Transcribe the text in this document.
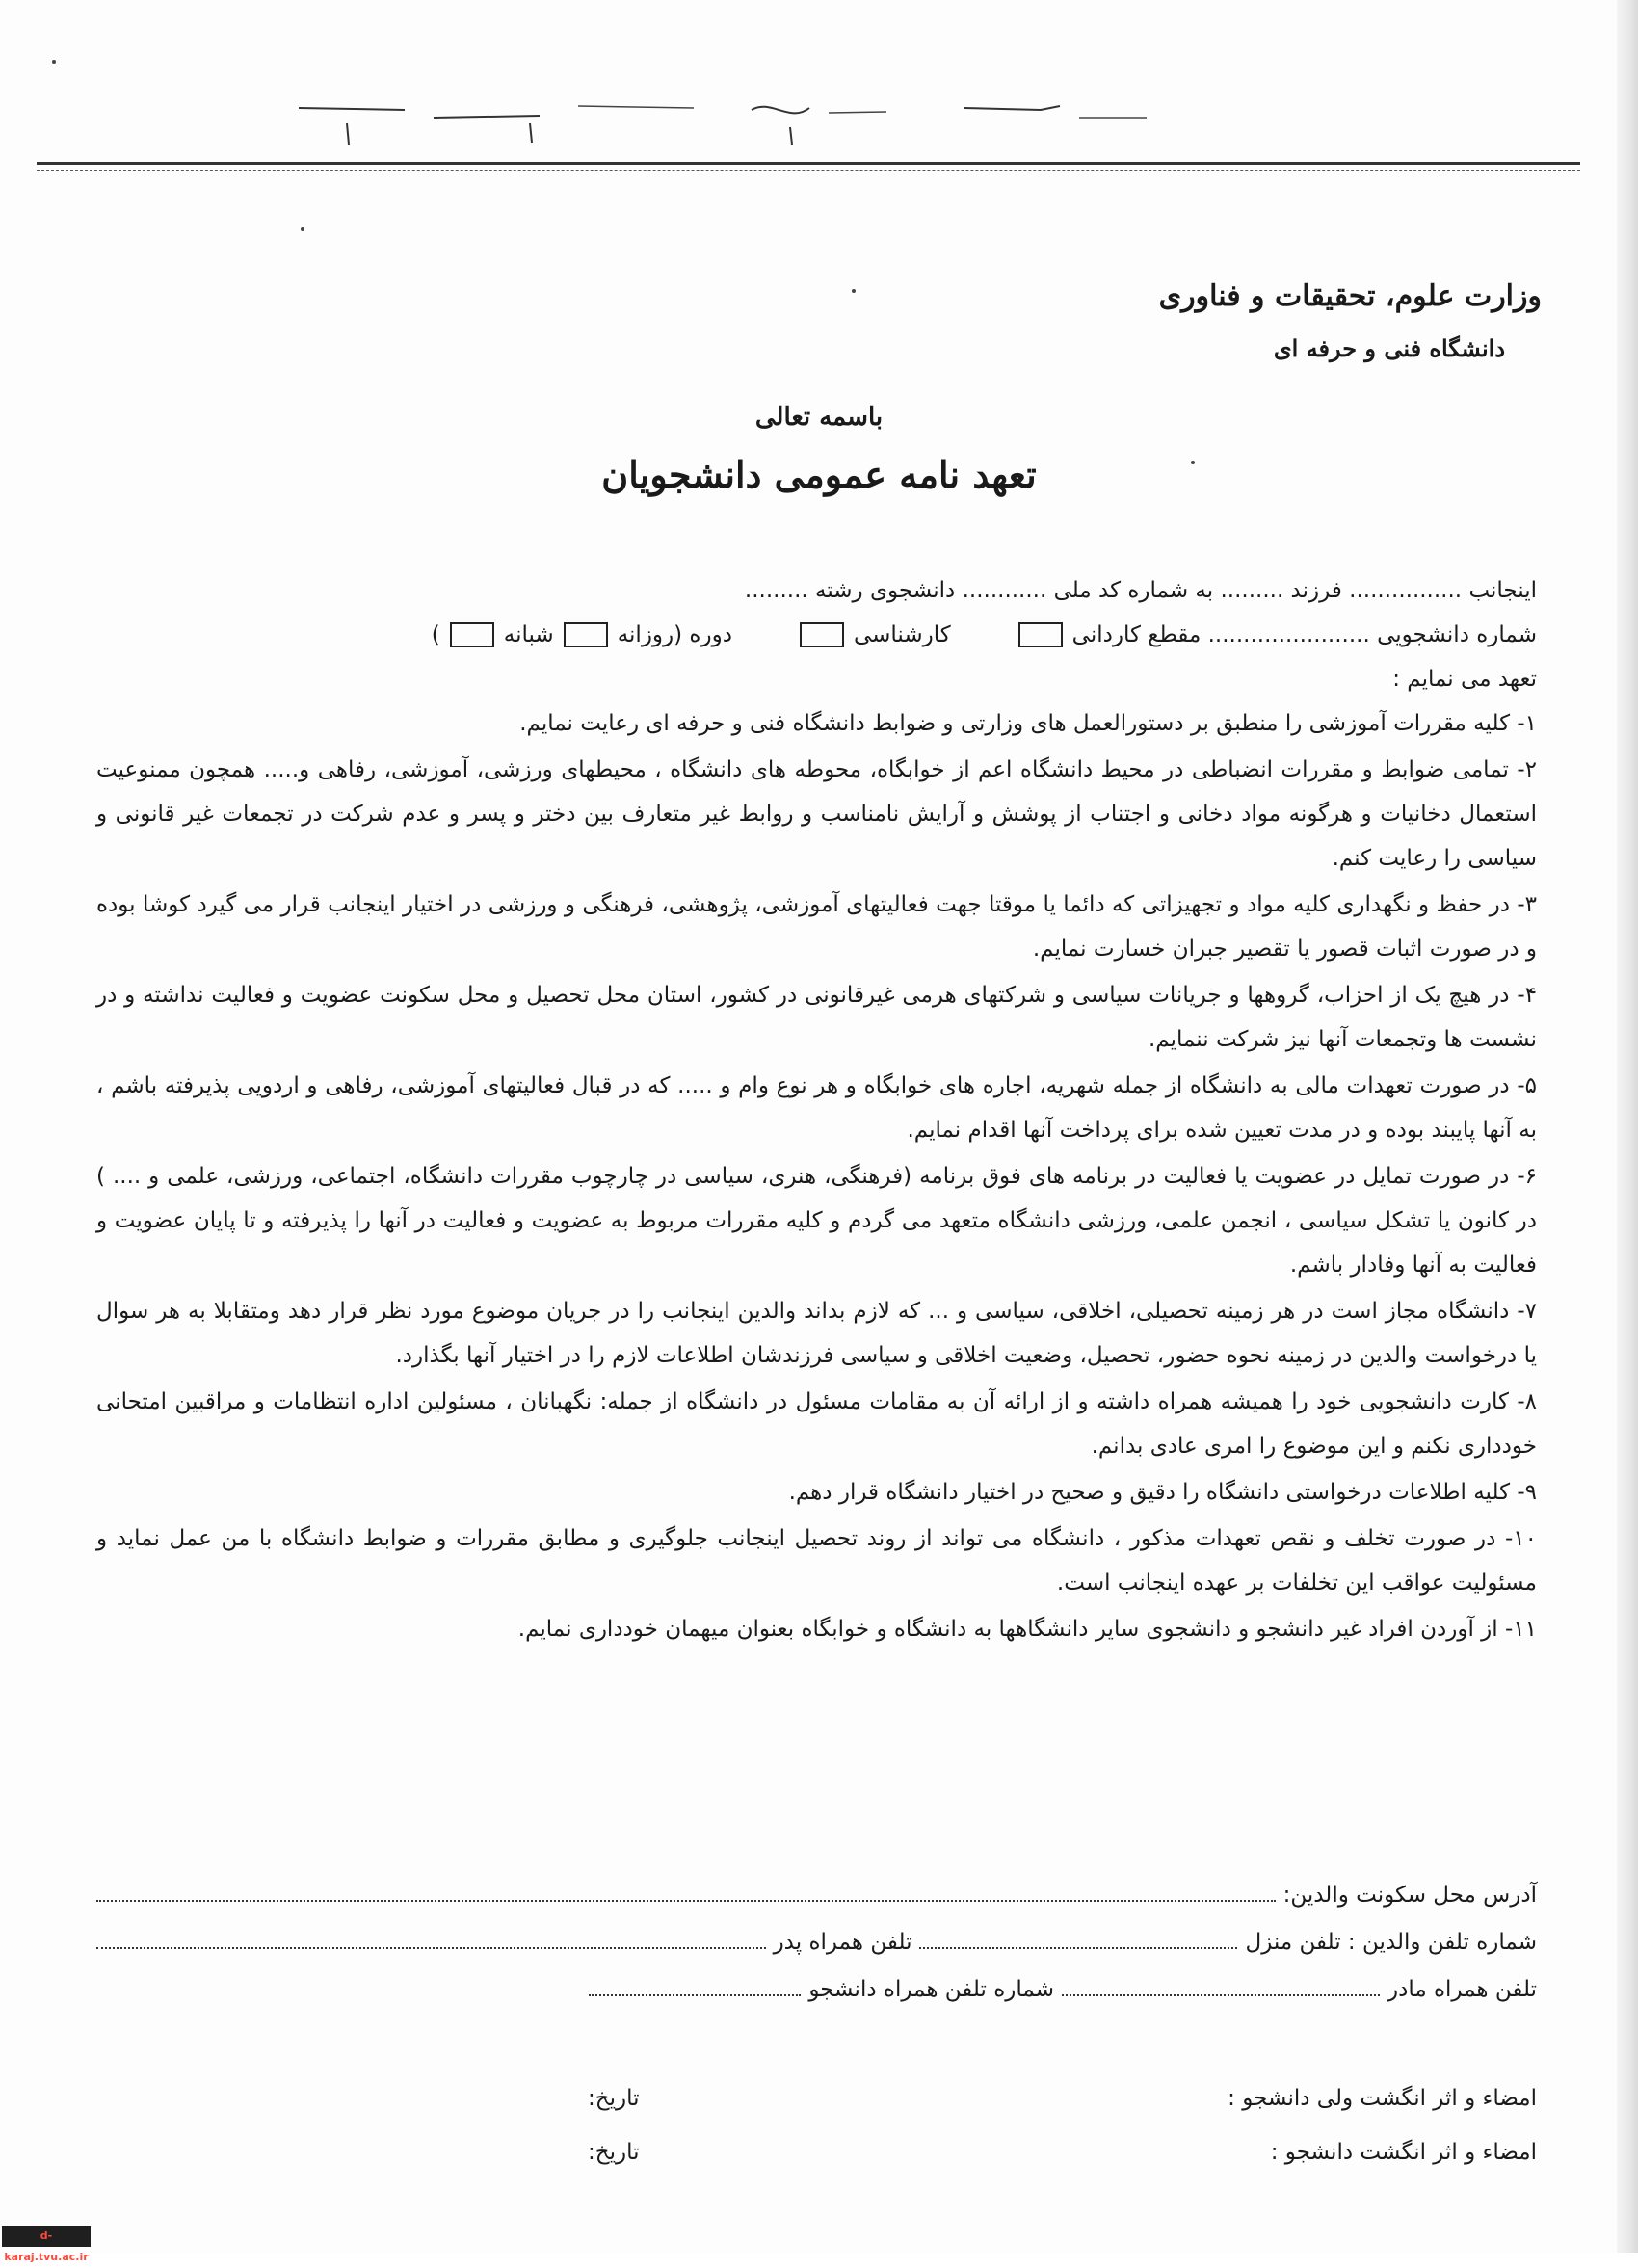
وزارت علوم، تحقیقات و فناوری

دانشگاه فنی و حرفه ای

باسمه تعالی
تعهد نامه عمومی دانشجویان

اینجانب ................ فرزند ......... به شماره کد ملی ............ دانشجوی رشته .........

شماره دانشجویی ....................... مقطع کاردانی
کارشناسی
دوره (روزانه
شبانه
)

تعهد می نمایم :

۱- کلیه مقررات آموزشی را منطبق بر دستورالعمل های وزارتی و ضوابط دانشگاه فنی و حرفه ای رعایت نمایم.

۲- تمامی ضوابط و مقررات انضباطی در محیط دانشگاه اعم از خوابگاه، محوطه های دانشگاه ، محیطهای ورزشی، آموزشی، رفاهی و..... همچون ممنوعیت استعمال دخانیات و هرگونه مواد دخانی و اجتناب از پوشش و آرایش نامناسب و روابط غیر متعارف بین دختر و پسر و عدم شرکت در تجمعات غیر قانونی و سیاسی را رعایت کنم.

۳- در حفظ و نگهداری کلیه مواد و تجهیزاتی که دائما یا موقتا جهت فعالیتهای آموزشی، پژوهشی، فرهنگی و ورزشی در اختیار اینجانب قرار می گیرد کوشا بوده و در صورت اثبات قصور یا تقصیر جبران خسارت نمایم.

۴- در هیچ یک از احزاب، گروهها و جریانات سیاسی و شرکتهای هرمی غیرقانونی در کشور، استان محل تحصیل و محل سکونت عضویت و فعالیت نداشته و در نشست ها وتجمعات آنها نیز شرکت ننمایم.

۵- در صورت تعهدات مالی به دانشگاه از جمله شهریه، اجاره های خوابگاه و هر نوع وام و ..... که در قبال فعالیتهای آموزشی، رفاهی و اردویی پذیرفته باشم ، به آنها پایبند بوده و در مدت تعیین شده برای پرداخت آنها اقدام نمایم.

۶- در صورت تمایل در عضویت یا فعالیت در برنامه های فوق برنامه (فرهنگی، هنری، سیاسی در چارچوب مقررات دانشگاه، اجتماعی، ورزشی، علمی و .... ) در کانون یا تشکل سیاسی ، انجمن علمی، ورزشی دانشگاه متعهد می گردم و کلیه مقررات مربوط به عضویت و فعالیت در آنها را پذیرفته و تا پایان عضویت و فعالیت به آنها وفادار باشم.

۷- دانشگاه مجاز است در هر زمینه تحصیلی، اخلاقی، سیاسی و ... که لازم بداند والدین اینجانب را در جریان موضوع مورد نظر قرار دهد ومتقابلا به هر سوال یا درخواست والدین در زمینه نحوه حضور، تحصیل، وضعیت اخلاقی و سیاسی فرزندشان اطلاعات لازم را در اختیار آنها بگذارد.

۸- کارت دانشجویی خود را همیشه همراه داشته و از ارائه آن به مقامات مسئول در دانشگاه از جمله: نگهبانان ، مسئولین اداره انتظامات و مراقبین امتحانی خودداری نکنم و این موضوع را امری عادی بدانم.

۹- کلیه اطلاعات درخواستی دانشگاه را دقیق و صحیح در اختیار دانشگاه قرار دهم.

۱۰- در صورت تخلف و نقص تعهدات مذکور ، دانشگاه می تواند از روند تحصیل اینجانب جلوگیری و مطابق مقررات و ضوابط دانشگاه با من عمل نماید و مسئولیت عواقب این تخلفات بر عهده اینجانب است.

۱۱- از آوردن افراد غیر دانشجو و دانشجوی سایر دانشگاهها به دانشگاه و خوابگاه بعنوان میهمان خودداری نمایم.

آدرس محل سکونت والدین:
شماره تلفن والدین : تلفن منزل
تلفن همراه پدر
تلفن همراه مادر
شماره تلفن همراه دانشجو
امضاء و اثر انگشت ولی دانشجو :
تاریخ:
امضاء و اثر انگشت دانشجو :
تاریخ:
d-karaj.tvu.ac.ir
